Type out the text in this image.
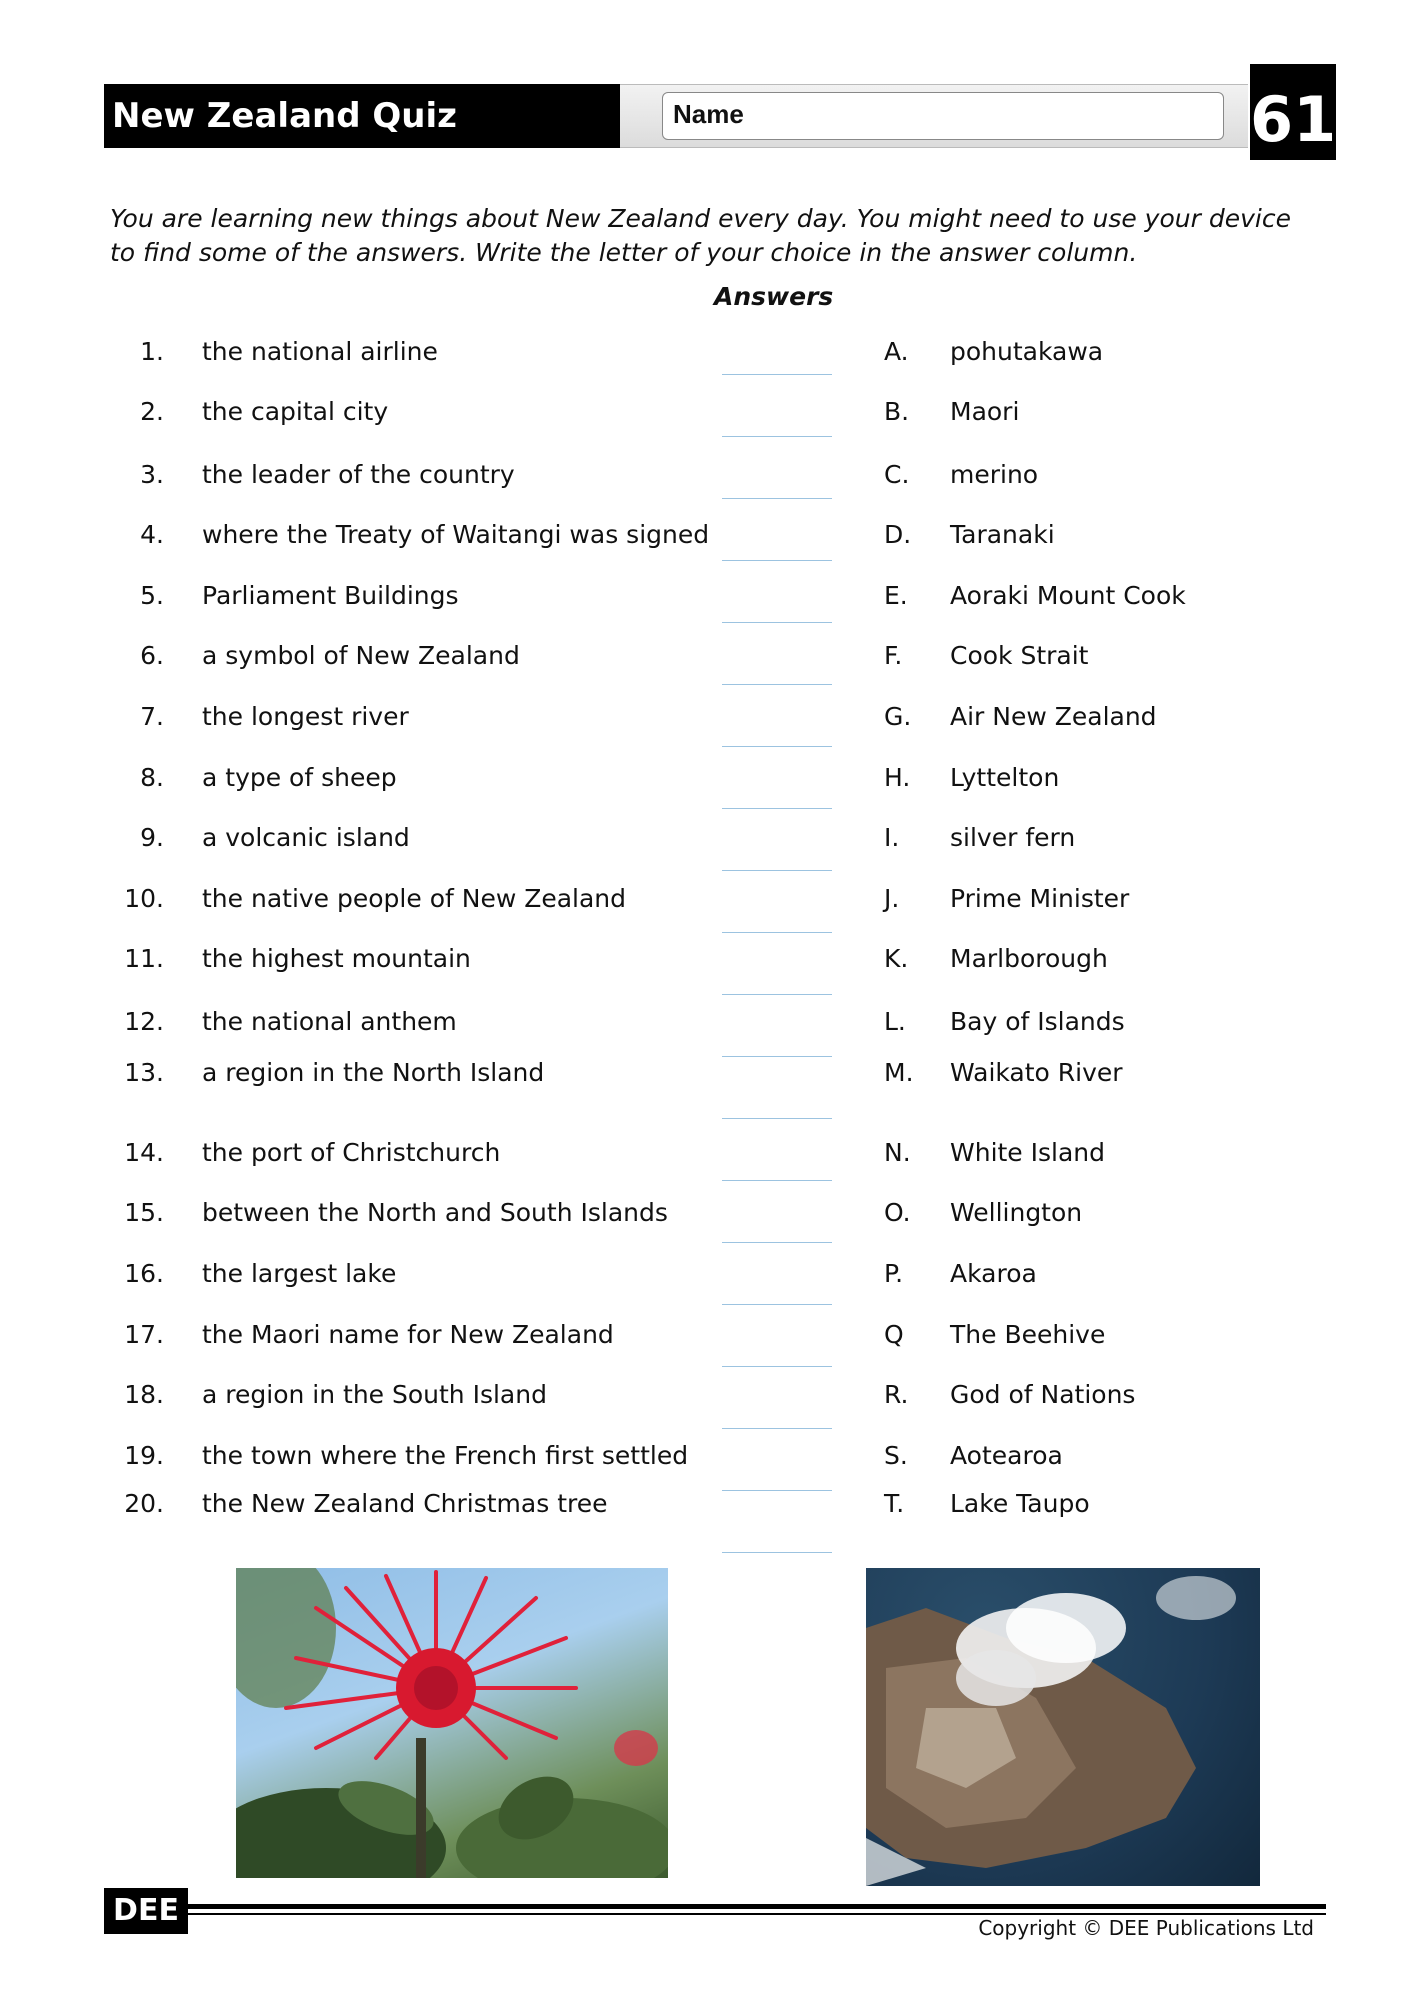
New Zealand Quiz	Name	61
You are learning new things about New Zealand every day. You might need to use your device to find some of the answers. Write the letter of your choice in the answer column.
Answers
1. the national airline	A.	pohutakawa
2. the capital city	B.	Maori
3. the leader of the country	C.	merino
4. where the Treaty of Waitangi was signed	D.	Taranaki
5. Parliament Buildings	E.	Aoraki Mount Cook
6. a symbol of New Zealand	F.	Cook Strait
7. the longest river	G.	Air New Zealand
8. a type of sheep	H.	Lyttelton
9. a volcanic island	I.	silver fern
10. the native people of New Zealand	J.	Prime Minister
11. the highest mountain	K.	Marlborough
12. the national anthem	L.	Bay of Islands
13. a region in the North Island	M.	Waikato River
14. the port of Christchurch	N.	White Island
15. between the North and South Islands	O.	Wellington
16. the largest lake	P.	Akaroa
17. the Maori name for New Zealand	Q	The Beehive
18. a region in the South Island	R.	God of Nations
19. the town where the French first settled	S.	Aotearoa
20. the New Zealand Christmas tree	T.	Lake Taupo
DEE	Copyright © DEE Publications Ltd
